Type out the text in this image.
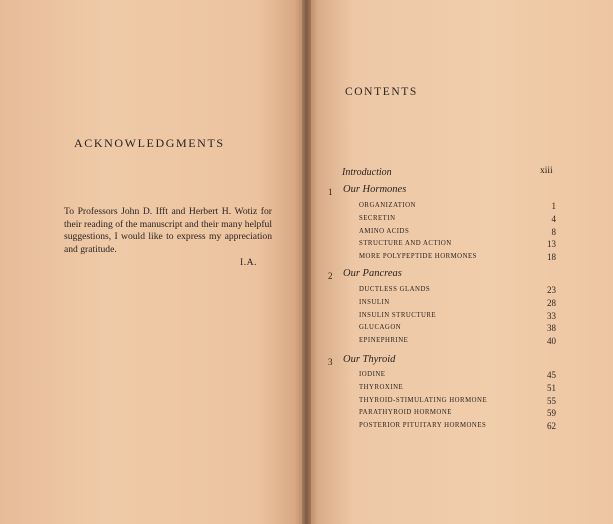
ACKNOWLEDGMENTS
To Professors John D. Ifft and Herbert H. Wotiz for their reading of the manuscript and their many helpful suggestions, I would like to express my appreciation and gratitude.
I.A.
CONTENTS
Introduction	xiii
1 Our Hormones
ORGANIZATION	1
SECRETIN	4
AMINO ACIDS	8
STRUCTURE AND ACTION	13
MORE POLYPEPTIDE HORMONES	18
2 Our Pancreas
DUCTLESS GLANDS	23
INSULIN	28
INSULIN STRUCTURE	33
GLUCAGON	38
EPINEPHRINE	40
3 Our Thyroid
IODINE	45
THYROXINE	51
THYROID-STIMULATING HORMONE	55
PARATHYROID HORMONE	59
POSTERIOR PITUITARY HORMONES	62
